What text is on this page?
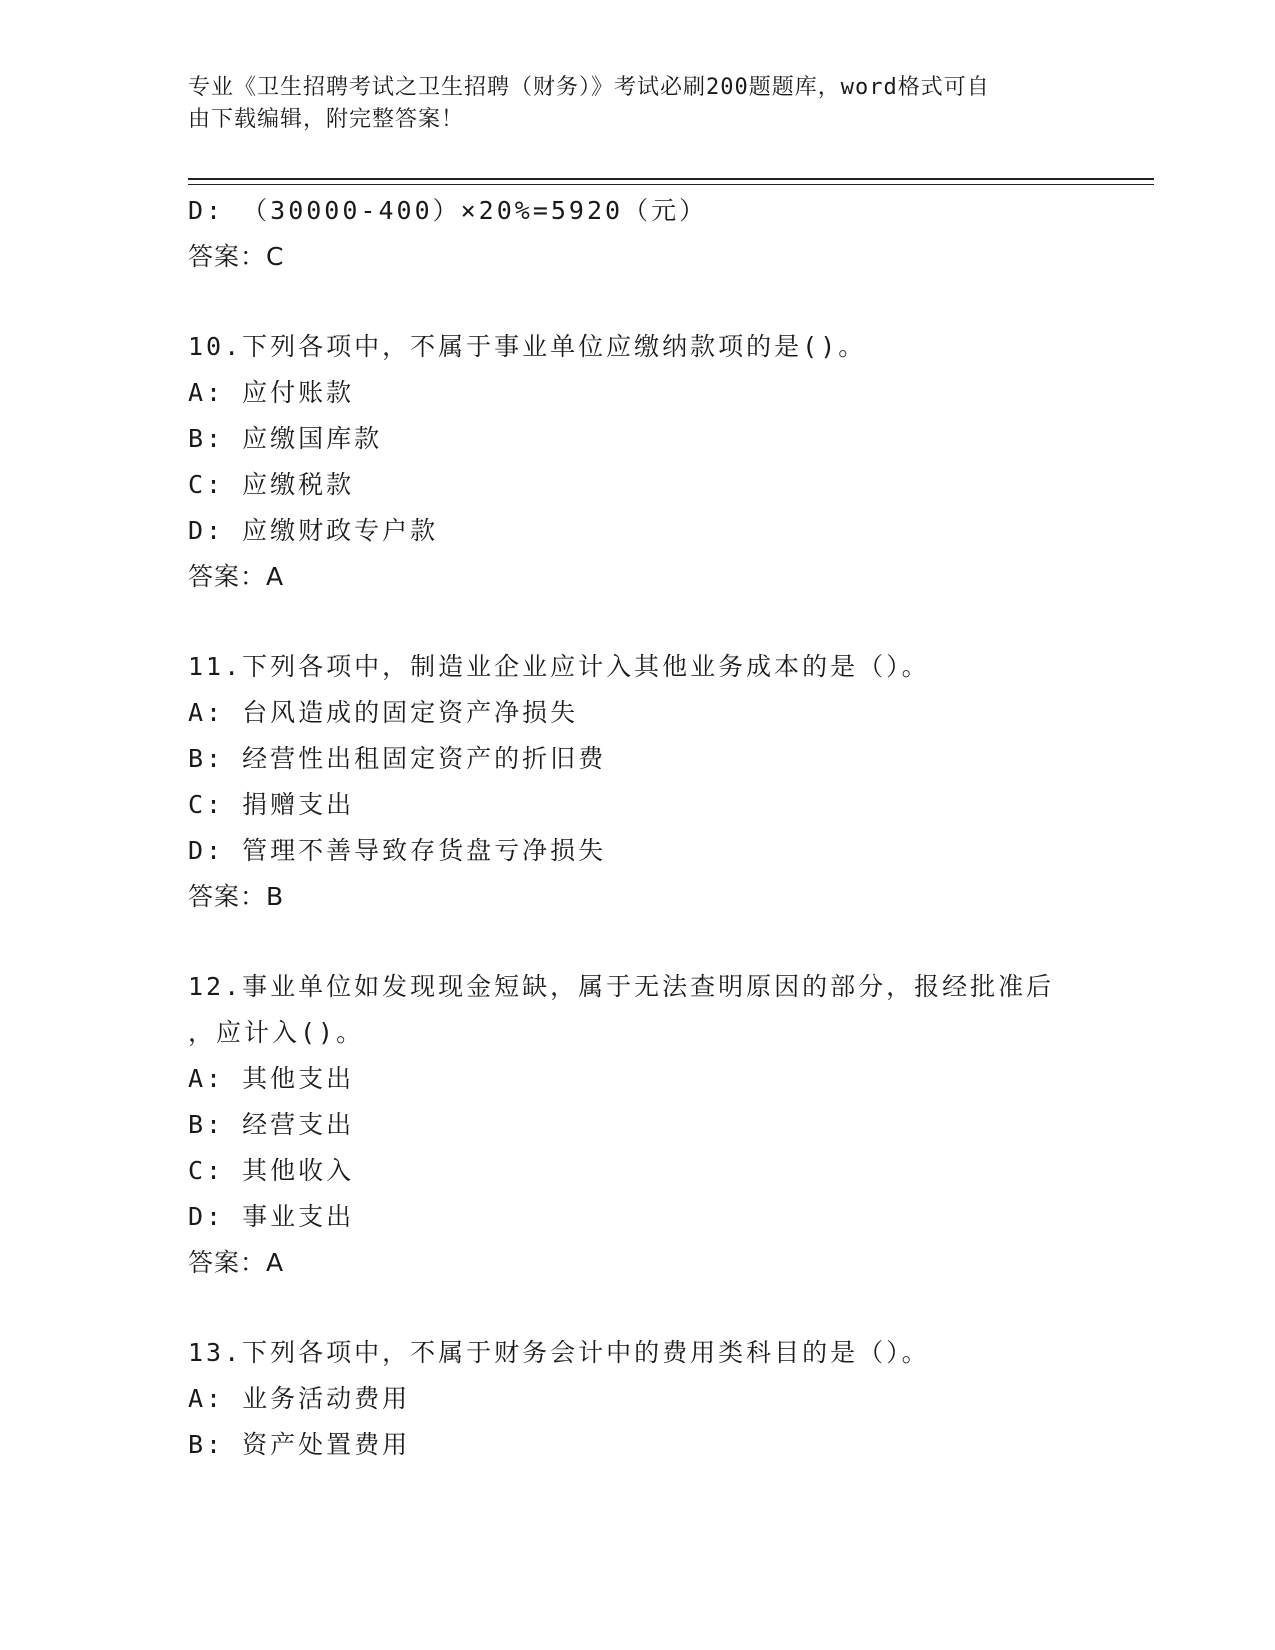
专业《卫生招聘考试之卫生招聘（财务）》考试必刷200题题库，word格式可自
由下载编辑，附完整答案！
D: （30000-400）×20%=5920（元）
答案：C
10.下列各项中，不属于事业单位应缴纳款项的是()。
A: 应付账款
B: 应缴国库款
C: 应缴税款
D: 应缴财政专户款
答案：A
11.下列各项中，制造业企业应计入其他业务成本的是（）。
A: 台风造成的固定资产净损失
B: 经营性出租固定资产的折旧费
C: 捐赠支出
D: 管理不善导致存货盘亏净损失
答案：B
12.事业单位如发现现金短缺，属于无法查明原因的部分，报经批准后
，应计入()。
A: 其他支出
B: 经营支出
C: 其他收入
D: 事业支出
答案：A
13.下列各项中，不属于财务会计中的费用类科目的是（）。
A: 业务活动费用
B: 资产处置费用
